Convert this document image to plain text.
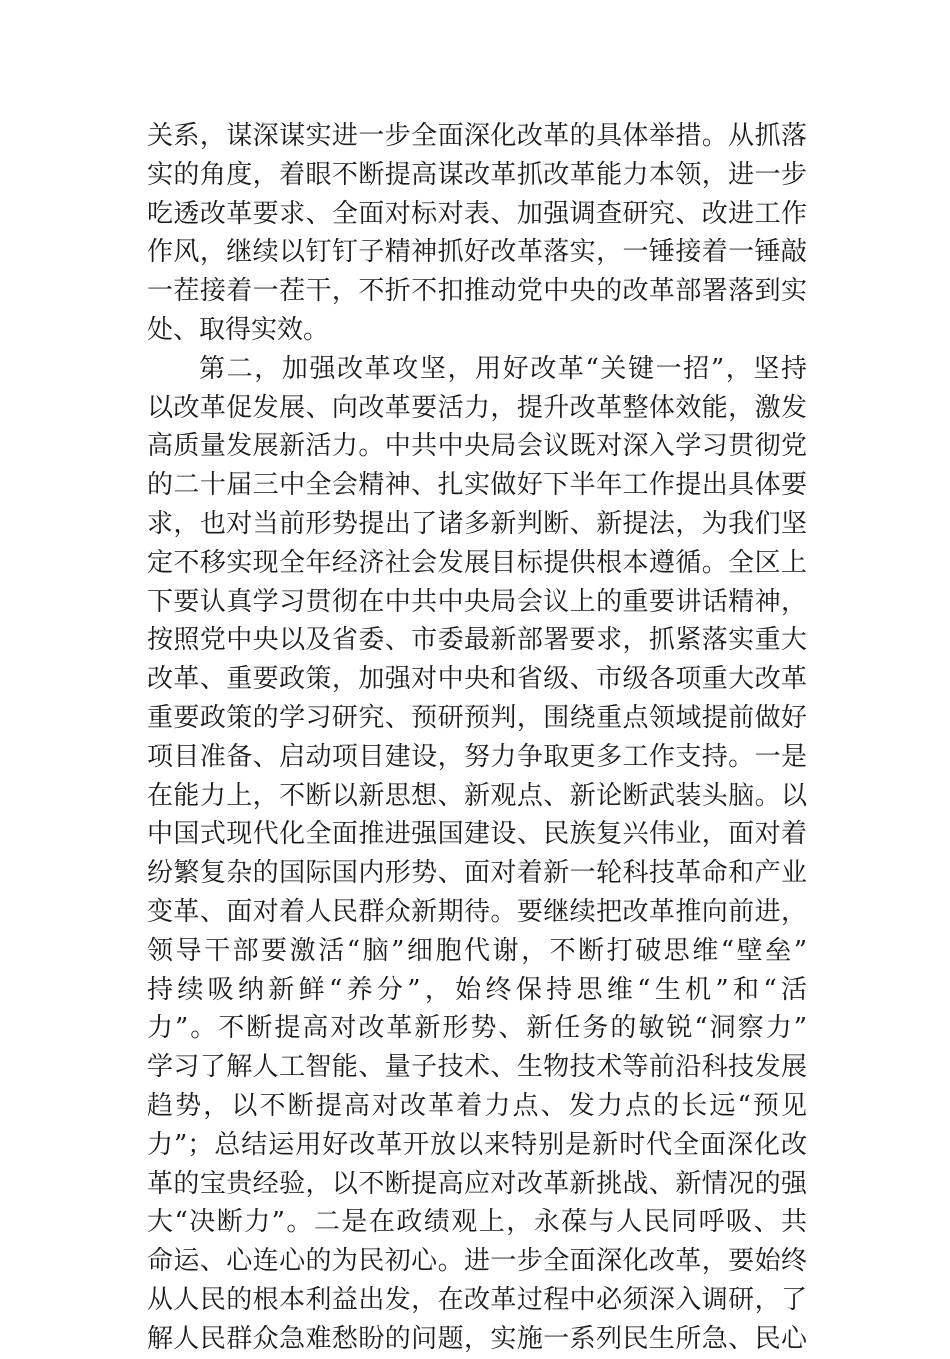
关系，谋深谋实进一步全面深化改革的具体举措。从抓落
实的角度，着眼不断提高谋改革抓改革能力本领，进一步
吃透改革要求、全面对标对表、加强调查研究、改进工作
作风，继续以钉钉子精神抓好改革落实，一锤接着一锤敲
一茬接着一茬干，不折不扣推动党中央的改革部署落到实
处、取得实效。
第二，加强改革攻坚，用好改革“关键一招”，坚持
以改革促发展、向改革要活力，提升改革整体效能，激发
高质量发展新活力。中共中央局会议既对深入学习贯彻党
的二十届三中全会精神、扎实做好下半年工作提出具体要
求，也对当前形势提出了诸多新判断、新提法，为我们坚
定不移实现全年经济社会发展目标提供根本遵循。全区上
下要认真学习贯彻在中共中央局会议上的重要讲话精神，
按照党中央以及省委、市委最新部署要求，抓紧落实重大
改革、重要政策，加强对中央和省级、市级各项重大改革
重要政策的学习研究、预研预判，围绕重点领域提前做好
项目准备、启动项目建设，努力争取更多工作支持。一是
在能力上，不断以新思想、新观点、新论断武装头脑。以
中国式现代化全面推进强国建设、民族复兴伟业，面对着
纷繁复杂的国际国内形势、面对着新一轮科技革命和产业
变革、面对着人民群众新期待。要继续把改革推向前进，
领导干部要激活“脑”细胞代谢，不断打破思维“壁垒”
持续吸纳新鲜“养分”，始终保持思维“生机”和“活
力”。不断提高对改革新形势、新任务的敏锐“洞察力”
学习了解人工智能、量子技术、生物技术等前沿科技发展
趋势，以不断提高对改革着力点、发力点的长远“预见
力”；总结运用好改革开放以来特别是新时代全面深化改
革的宝贵经验，以不断提高应对改革新挑战、新情况的强
大“决断力”。二是在政绩观上，永葆与人民同呼吸、共
命运、心连心的为民初心。进一步全面深化改革，要始终
从人民的根本利益出发，在改革过程中必须深入调研，了
解人民群众急难愁盼的问题，实施一系列民生所急、民心
